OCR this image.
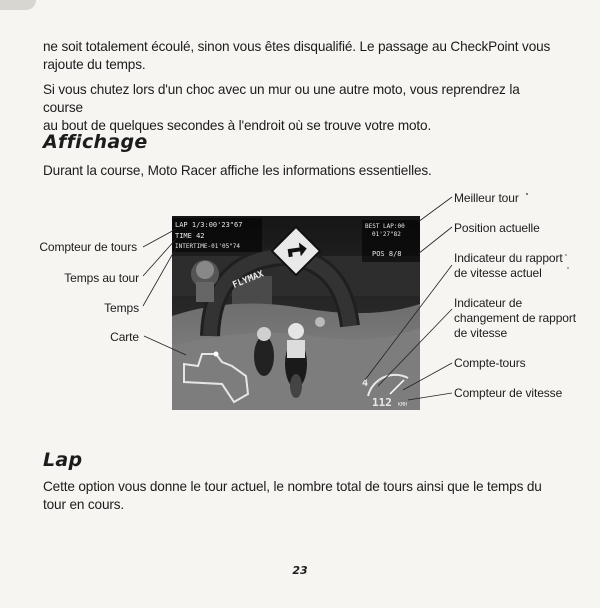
ne soit totalement écoulé, sinon vous êtes disqualifié. Le passage au CheckPoint vous
rajoute du temps.
Si vous chutez lors d'un choc avec un mur ou une autre moto, vous reprendrez la course
au bout de quelques secondes à l'endroit où se trouve votre moto.
Affichage
Durant la course, Moto Racer affiche les informations essentielles.
Compteur de tours
Temps au tour
Temps
Carte
Meilleur tour
Position actuelle
Indicateur du rapport
de vitesse actuel
Indicateur de
changement de rapport
de vitesse
Compte-tours
Compteur de vitesse
FLYMAX
LAP 1/3:00'23"67
TIME 42
INTERTIME-01'05"74
BEST LAP:00
01'27"82
POS 8/8
4
112 KMH
Lap
Cette option vous donne le tour actuel, le nombre total de tours ainsi que le temps du
tour en cours.
23
